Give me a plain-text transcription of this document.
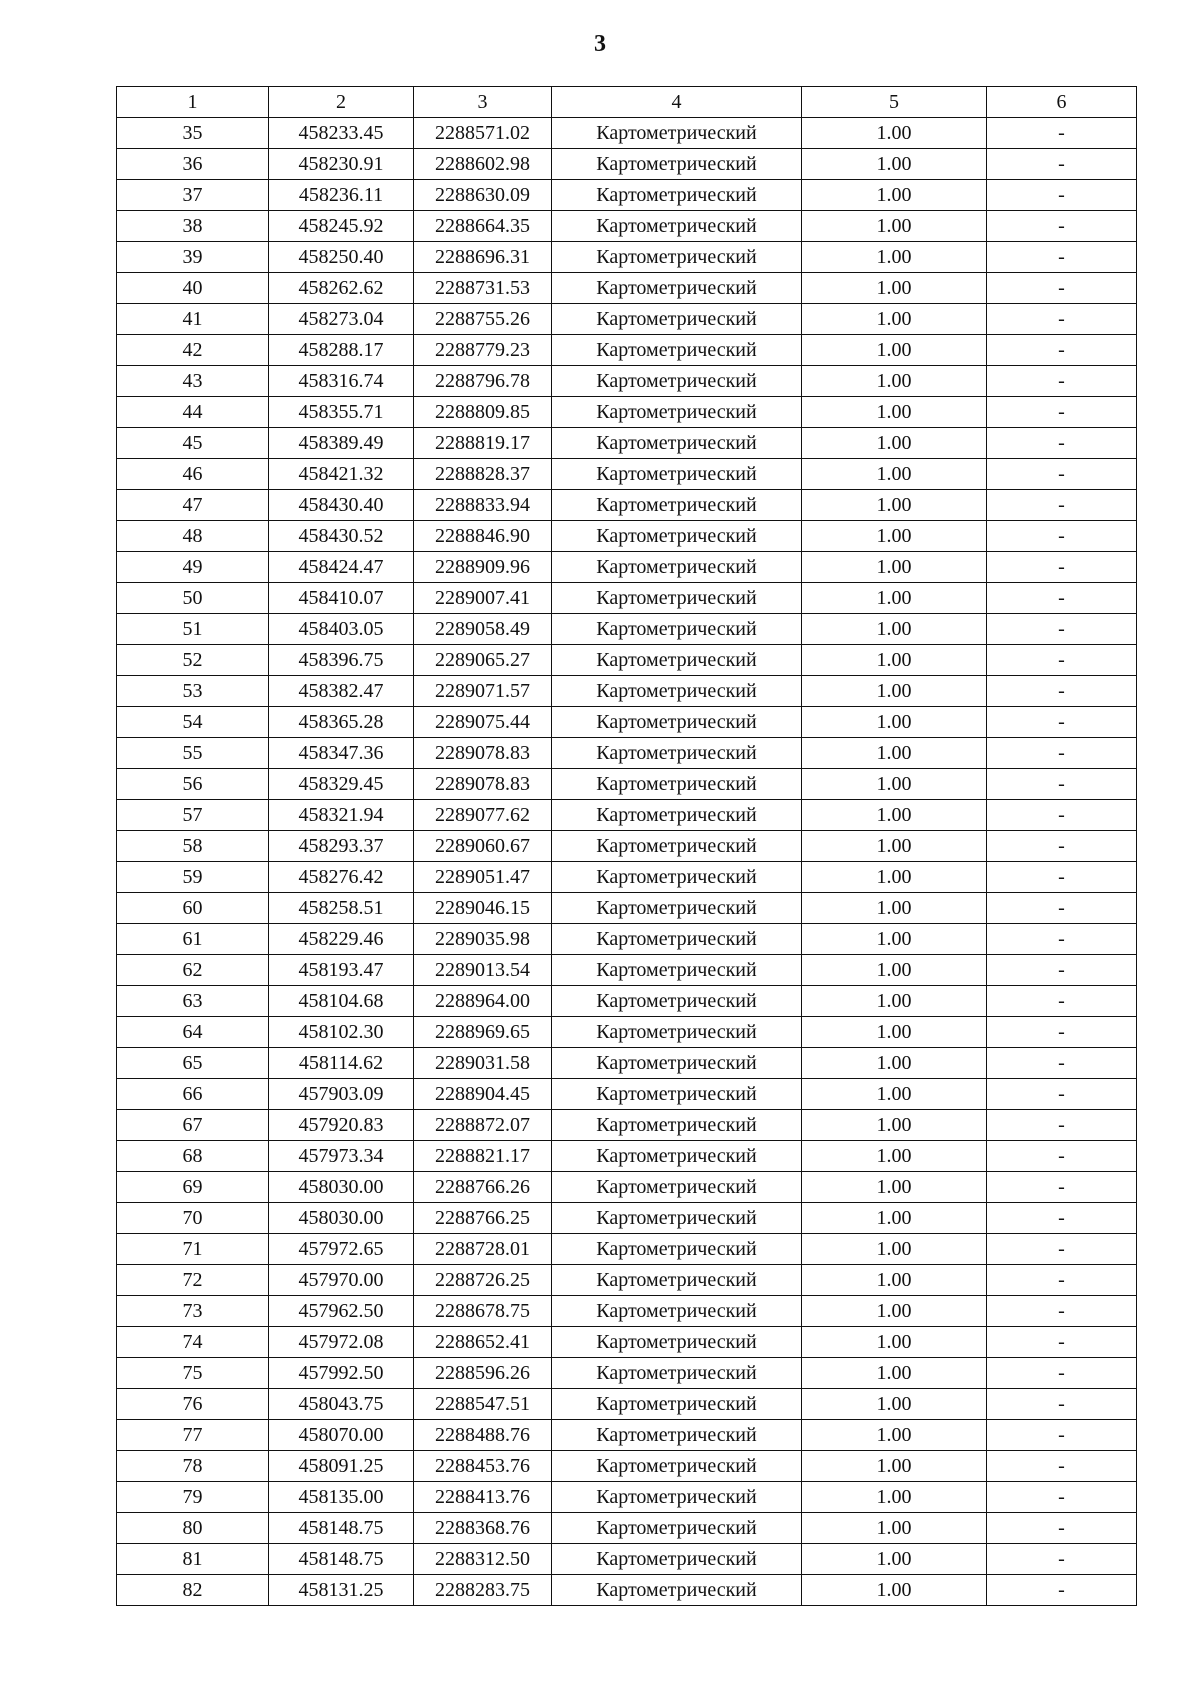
3
1	2	3	4	5	6
35	458233.45	2288571.02	Картометрический	1.00	-
36	458230.91	2288602.98	Картометрический	1.00	-
37	458236.11	2288630.09	Картометрический	1.00	-
38	458245.92	2288664.35	Картометрический	1.00	-
39	458250.40	2288696.31	Картометрический	1.00	-
40	458262.62	2288731.53	Картометрический	1.00	-
41	458273.04	2288755.26	Картометрический	1.00	-
42	458288.17	2288779.23	Картометрический	1.00	-
43	458316.74	2288796.78	Картометрический	1.00	-
44	458355.71	2288809.85	Картометрический	1.00	-
45	458389.49	2288819.17	Картометрический	1.00	-
46	458421.32	2288828.37	Картометрический	1.00	-
47	458430.40	2288833.94	Картометрический	1.00	-
48	458430.52	2288846.90	Картометрический	1.00	-
49	458424.47	2288909.96	Картометрический	1.00	-
50	458410.07	2289007.41	Картометрический	1.00	-
51	458403.05	2289058.49	Картометрический	1.00	-
52	458396.75	2289065.27	Картометрический	1.00	-
53	458382.47	2289071.57	Картометрический	1.00	-
54	458365.28	2289075.44	Картометрический	1.00	-
55	458347.36	2289078.83	Картометрический	1.00	-
56	458329.45	2289078.83	Картометрический	1.00	-
57	458321.94	2289077.62	Картометрический	1.00	-
58	458293.37	2289060.67	Картометрический	1.00	-
59	458276.42	2289051.47	Картометрический	1.00	-
60	458258.51	2289046.15	Картометрический	1.00	-
61	458229.46	2289035.98	Картометрический	1.00	-
62	458193.47	2289013.54	Картометрический	1.00	-
63	458104.68	2288964.00	Картометрический	1.00	-
64	458102.30	2288969.65	Картометрический	1.00	-
65	458114.62	2289031.58	Картометрический	1.00	-
66	457903.09	2288904.45	Картометрический	1.00	-
67	457920.83	2288872.07	Картометрический	1.00	-
68	457973.34	2288821.17	Картометрический	1.00	-
69	458030.00	2288766.26	Картометрический	1.00	-
70	458030.00	2288766.25	Картометрический	1.00	-
71	457972.65	2288728.01	Картометрический	1.00	-
72	457970.00	2288726.25	Картометрический	1.00	-
73	457962.50	2288678.75	Картометрический	1.00	-
74	457972.08	2288652.41	Картометрический	1.00	-
75	457992.50	2288596.26	Картометрический	1.00	-
76	458043.75	2288547.51	Картометрический	1.00	-
77	458070.00	2288488.76	Картометрический	1.00	-
78	458091.25	2288453.76	Картометрический	1.00	-
79	458135.00	2288413.76	Картометрический	1.00	-
80	458148.75	2288368.76	Картометрический	1.00	-
81	458148.75	2288312.50	Картометрический	1.00	-
82	458131.25	2288283.75	Картометрический	1.00	-
